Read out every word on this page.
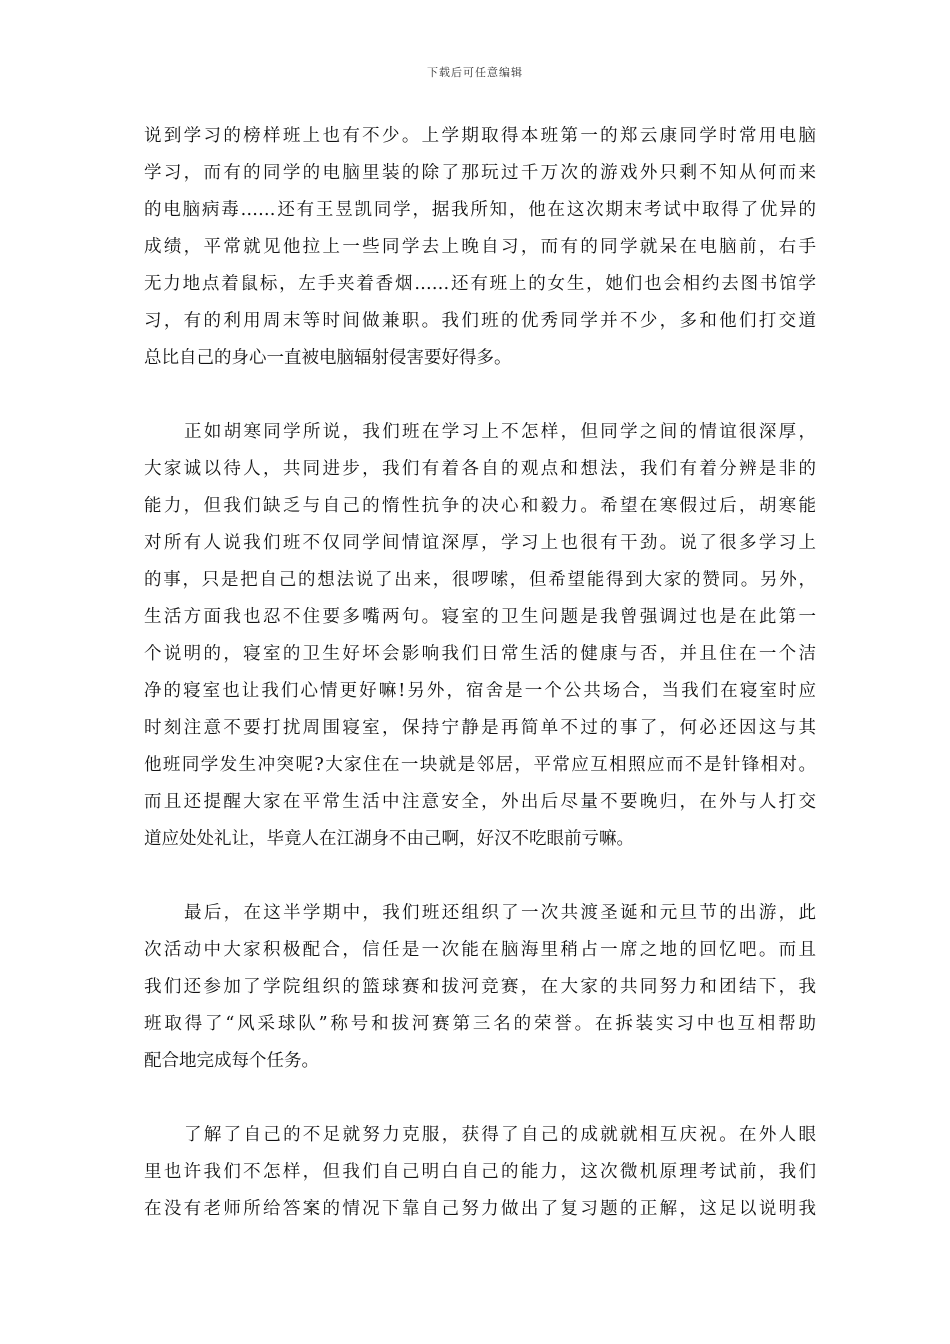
下载后可任意编辑
说到学习的榜样班上也有不少。上学期取得本班第一的郑云康同学时常用电脑
学习，而有的同学的电脑里装的除了那玩过千万次的游戏外只剩不知从何而来
的电脑病毒……还有王昱凯同学，据我所知，他在这次期末考试中取得了优异的
成绩，平常就见他拉上一些同学去上晚自习，而有的同学就呆在电脑前，右手
无力地点着鼠标，左手夹着香烟……还有班上的女生，她们也会相约去图书馆学
习，有的利用周末等时间做兼职。我们班的优秀同学并不少，多和他们打交道
总比自己的身心一直被电脑辐射侵害要好得多。
正如胡寒同学所说，我们班在学习上不怎样，但同学之间的情谊很深厚，
大家诚以待人，共同进步，我们有着各自的观点和想法，我们有着分辨是非的
能力，但我们缺乏与自己的惰性抗争的决心和毅力。希望在寒假过后，胡寒能
对所有人说我们班不仅同学间情谊深厚，学习上也很有干劲。说了很多学习上
的事，只是把自己的想法说了出来，很啰嗦，但希望能得到大家的赞同。另外，
生活方面我也忍不住要多嘴两句。寝室的卫生问题是我曾强调过也是在此第一
个说明的，寝室的卫生好坏会影响我们日常生活的健康与否，并且住在一个洁
净的寝室也让我们心情更好嘛!另外，宿舍是一个公共场合，当我们在寝室时应
时刻注意不要打扰周围寝室，保持宁静是再简单不过的事了，何必还因这与其
他班同学发生冲突呢?大家住在一块就是邻居，平常应互相照应而不是针锋相对。
而且还提醒大家在平常生活中注意安全，外出后尽量不要晚归，在外与人打交
道应处处礼让，毕竟人在江湖身不由己啊，好汉不吃眼前亏嘛。
最后，在这半学期中，我们班还组织了一次共渡圣诞和元旦节的出游，此
次活动中大家积极配合，信任是一次能在脑海里稍占一席之地的回忆吧。而且
我们还参加了学院组织的篮球赛和拔河竞赛，在大家的共同努力和团结下，我
班取得了“风采球队”称号和拔河赛第三名的荣誉。在拆装实习中也互相帮助
配合地完成每个任务。
了解了自己的不足就努力克服，获得了自己的成就就相互庆祝。在外人眼
里也许我们不怎样，但我们自己明白自己的能力，这次微机原理考试前，我们
在没有老师所给答案的情况下靠自己努力做出了复习题的正解，这足以说明我
